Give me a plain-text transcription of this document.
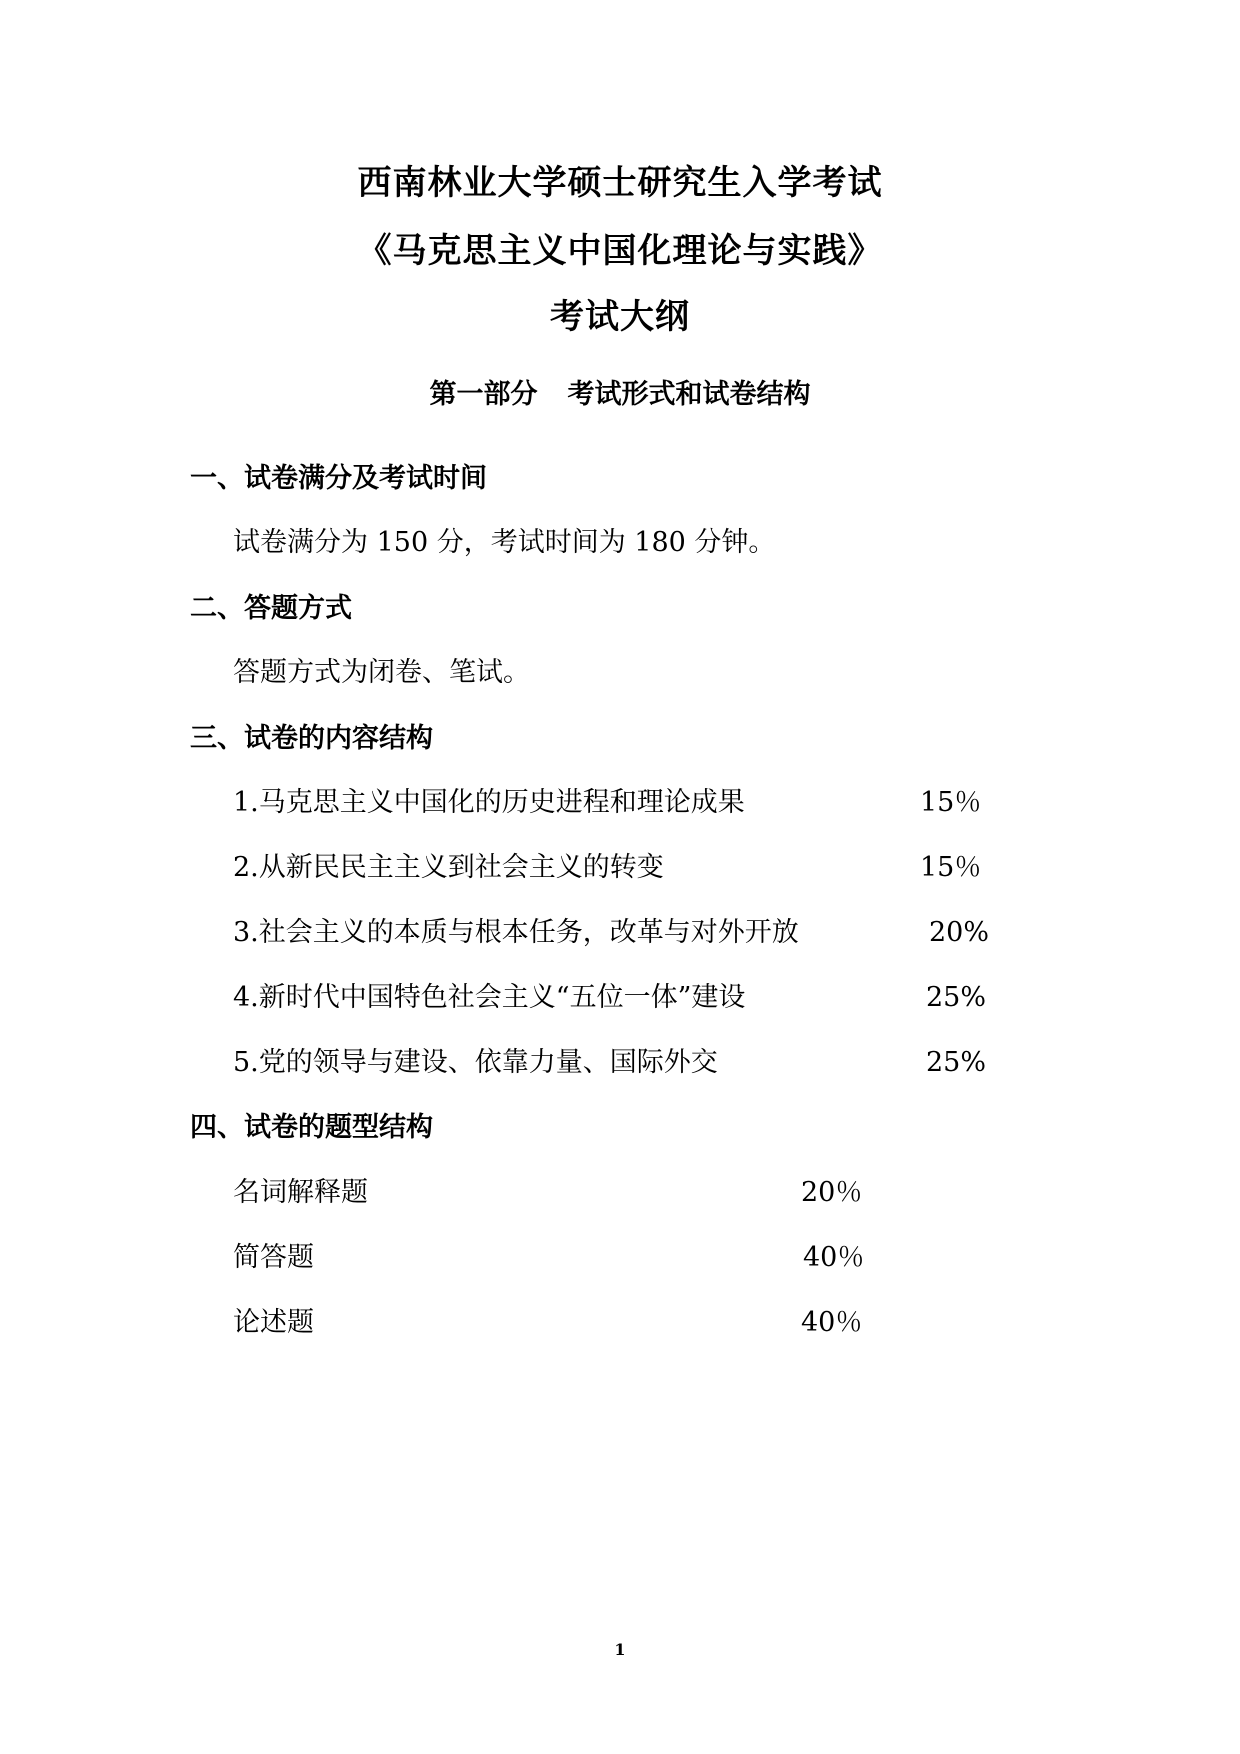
西南林业大学硕士研究生入学考试
《马克思主义中国化理论与实践》
考试大纲
第一部分 考试形式和试卷结构
一、试卷满分及考试时间
试卷满分为 150 分，考试时间为 180 分钟。
二、答题方式
答题方式为闭卷、笔试。
三、试卷的内容结构
1.马克思主义中国化的历史进程和理论成果	15％
2.从新民民主主义到社会主义的转变	15％
3.社会主义的本质与根本任务，改革与对外开放	20%
4.新时代中国特色社会主义“五位一体”建设	25%
5.党的领导与建设、依靠力量、国际外交	25%
四、试卷的题型结构
名词解释题	20％
简答题	40％
论述题	40％
1
